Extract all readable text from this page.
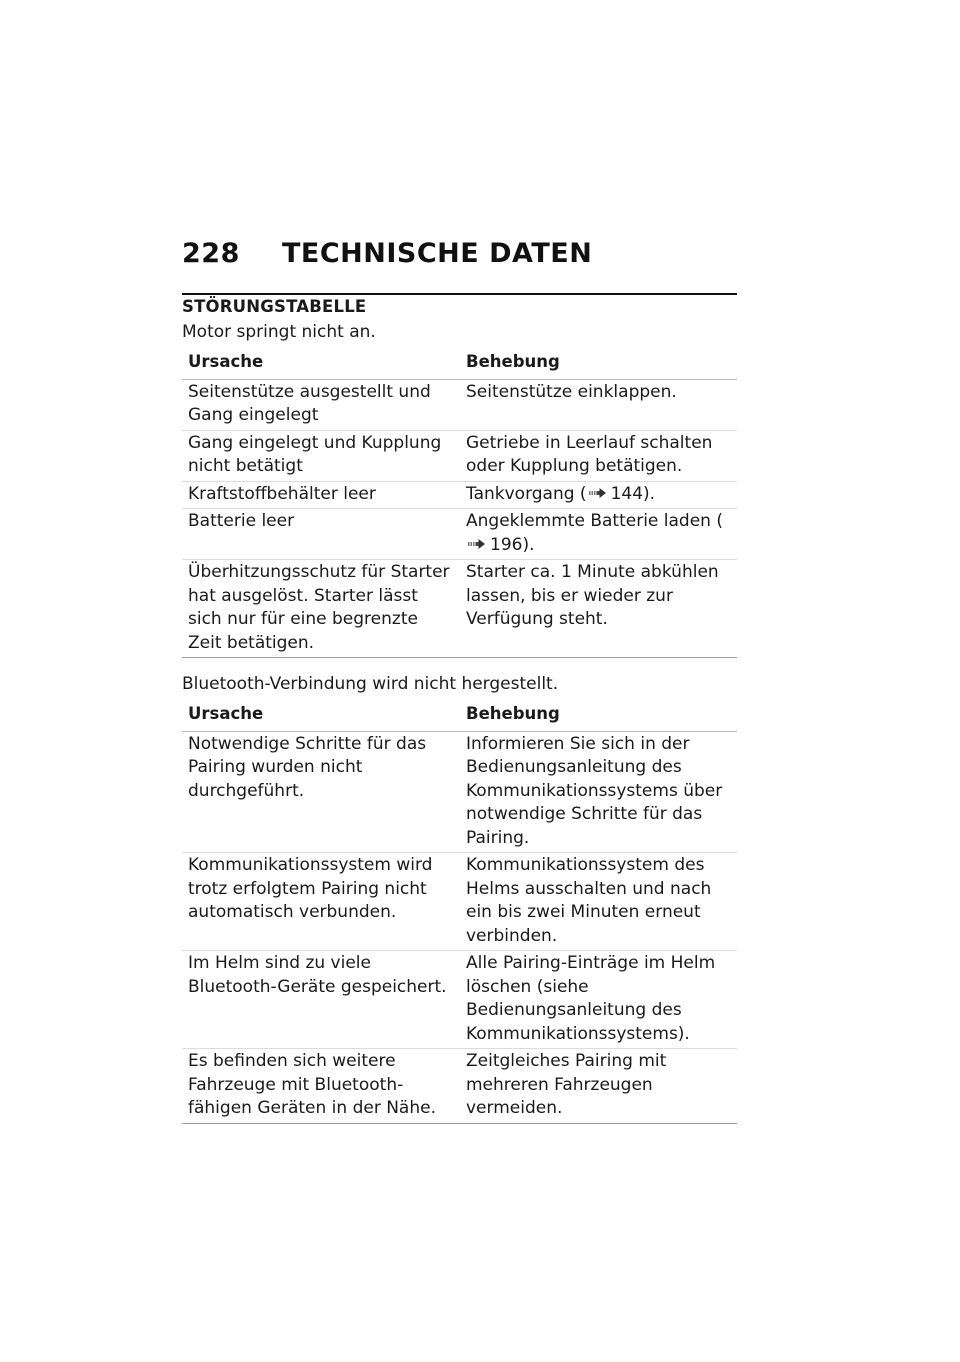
228	TECHNISCHE DATEN
STÖRUNGSTABELLE
Motor springt nicht an.
Ursache	Behebung
Seitenstütze ausgestellt und Gang eingelegt	Seitenstütze einklappen.
Gang eingelegt und Kupplung nicht betätigt	Getriebe in Leerlauf schalten oder Kupplung betätigen.
Kraftstoffbehälter leer	Tankvorgang ( 144).
Batterie leer	Angeklemmte Batterie laden (
196).
Überhitzungsschutz für Starter hat ausgelöst. Starter lässt sich nur für eine begrenzte Zeit betätigen.	Starter ca. 1 Minute abkühlen lassen, bis er wieder zur Verfügung steht.
Bluetooth-Verbindung wird nicht hergestellt.
Ursache	Behebung
Notwendige Schritte für das Pairing wurden nicht durchgeführt.	Informieren Sie sich in der Bedienungsanleitung des Kommunikationssystems über notwendige Schritte für das Pairing.
Kommunikationssystem wird trotz erfolgtem Pairing nicht automatisch verbunden.	Kommunikationssystem des Helms ausschalten und nach ein bis zwei Minuten erneut verbinden.
Im Helm sind zu viele Bluetooth-Geräte gespeichert.	Alle Pairing-Einträge im Helm löschen (siehe Bedienungsanleitung des Kommunikationssystems).
Es befinden sich weitere Fahrzeuge mit Bluetooth-fähigen Geräten in der Nähe.	Zeitgleiches Pairing mit mehreren Fahrzeugen vermeiden.
